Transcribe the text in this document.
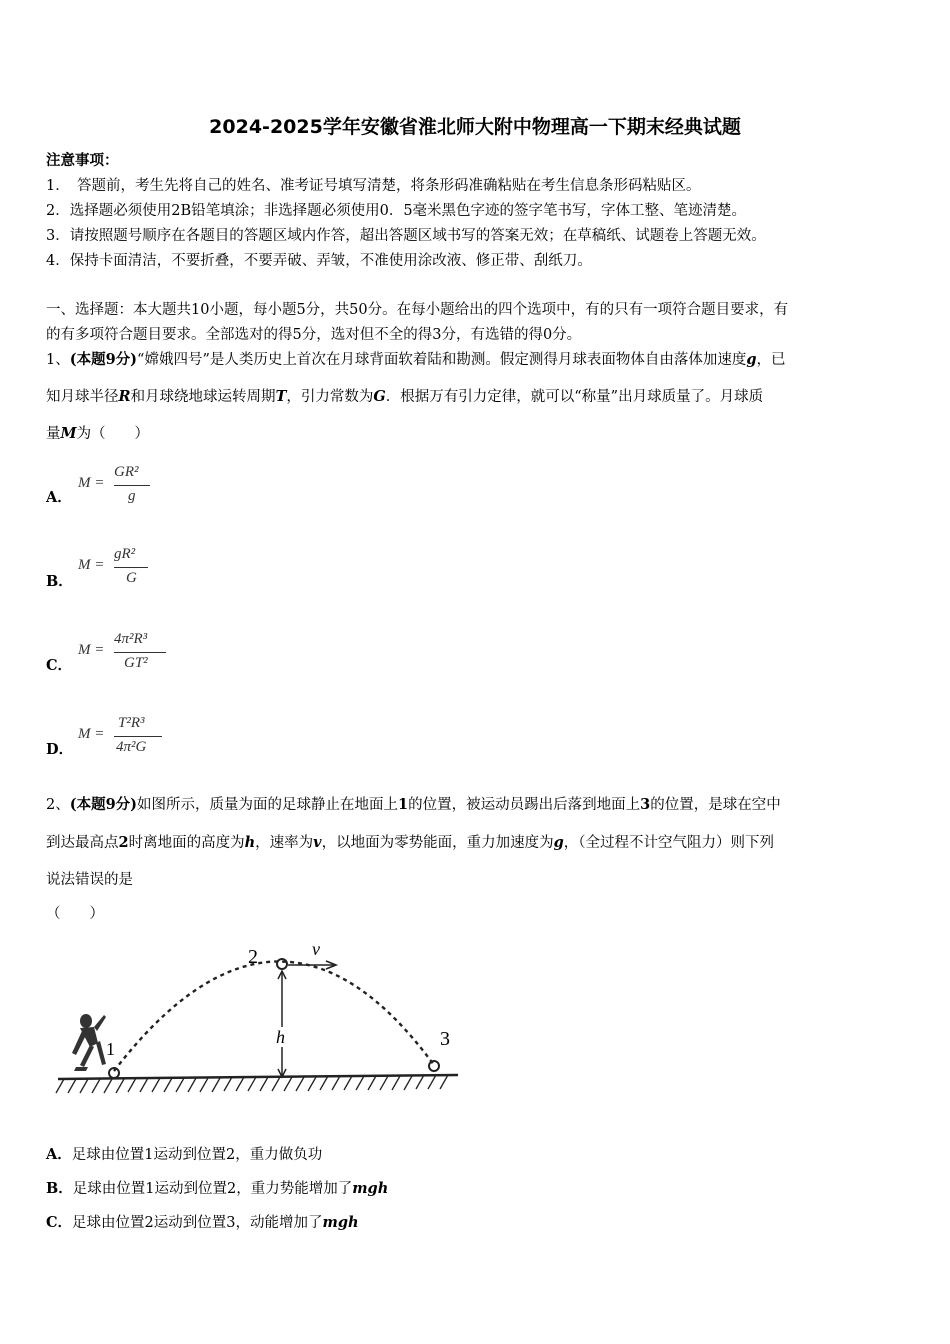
2024-2025学年安徽省淮北师大附中物理高一下期末经典试题
注意事项：
1．　答题前，考生先将自己的姓名、准考证号填写清楚，将条形码准确粘贴在考生信息条形码粘贴区。
2．选择题必须使用2B铅笔填涂；非选择题必须使用0．5毫米黑色字迹的签字笔书写，字体工整、笔迹清楚。
3．请按照题号顺序在各题目的答题区域内作答，超出答题区域书写的答案无效；在草稿纸、试题卷上答题无效。
4．保持卡面清洁，不要折叠，不要弄破、弄皱，不准使用涂改液、修正带、刮纸刀。
一、选择题：本大题共10小题，每小题5分，共50分。在每小题给出的四个选项中，有的只有一项符合题目要求，有
的有多项符合题目要求。全部选对的得5分，选对但不全的得3分，有选错的得0分。
1、(本题9分)“嫦娥四号”是人类历史上首次在月球背面软着陆和勘测。假定测得月球表面物体自由落体加速度g，已
知月球半径R和月球绕地球运转周期T，引力常数为G．根据万有引力定律，就可以“称量”出月球质量了。月球质
量M为（　　）
A．
M =
GR²
g
B．
M =
gR²
G
C．
M =
4π²R³
GT²
D．
M =
T²R³
4π²G
2、(本题9分)如图所示，质量为面的足球静止在地面上1的位置，被运动员踢出后落到地面上3的位置，是球在空中
到达最高点2时离地面的高度为h，速率为v，以地面为零势能面，重力加速度为g，（全过程不计空气阻力）则下列
说法错误的是
（　　）
1
2
3
h
v
A．足球由位置1运动到位置2，重力做负功
B．足球由位置1运动到位置2，重力势能增加了mgh
C．足球由位置2运动到位置3，动能增加了mgh
